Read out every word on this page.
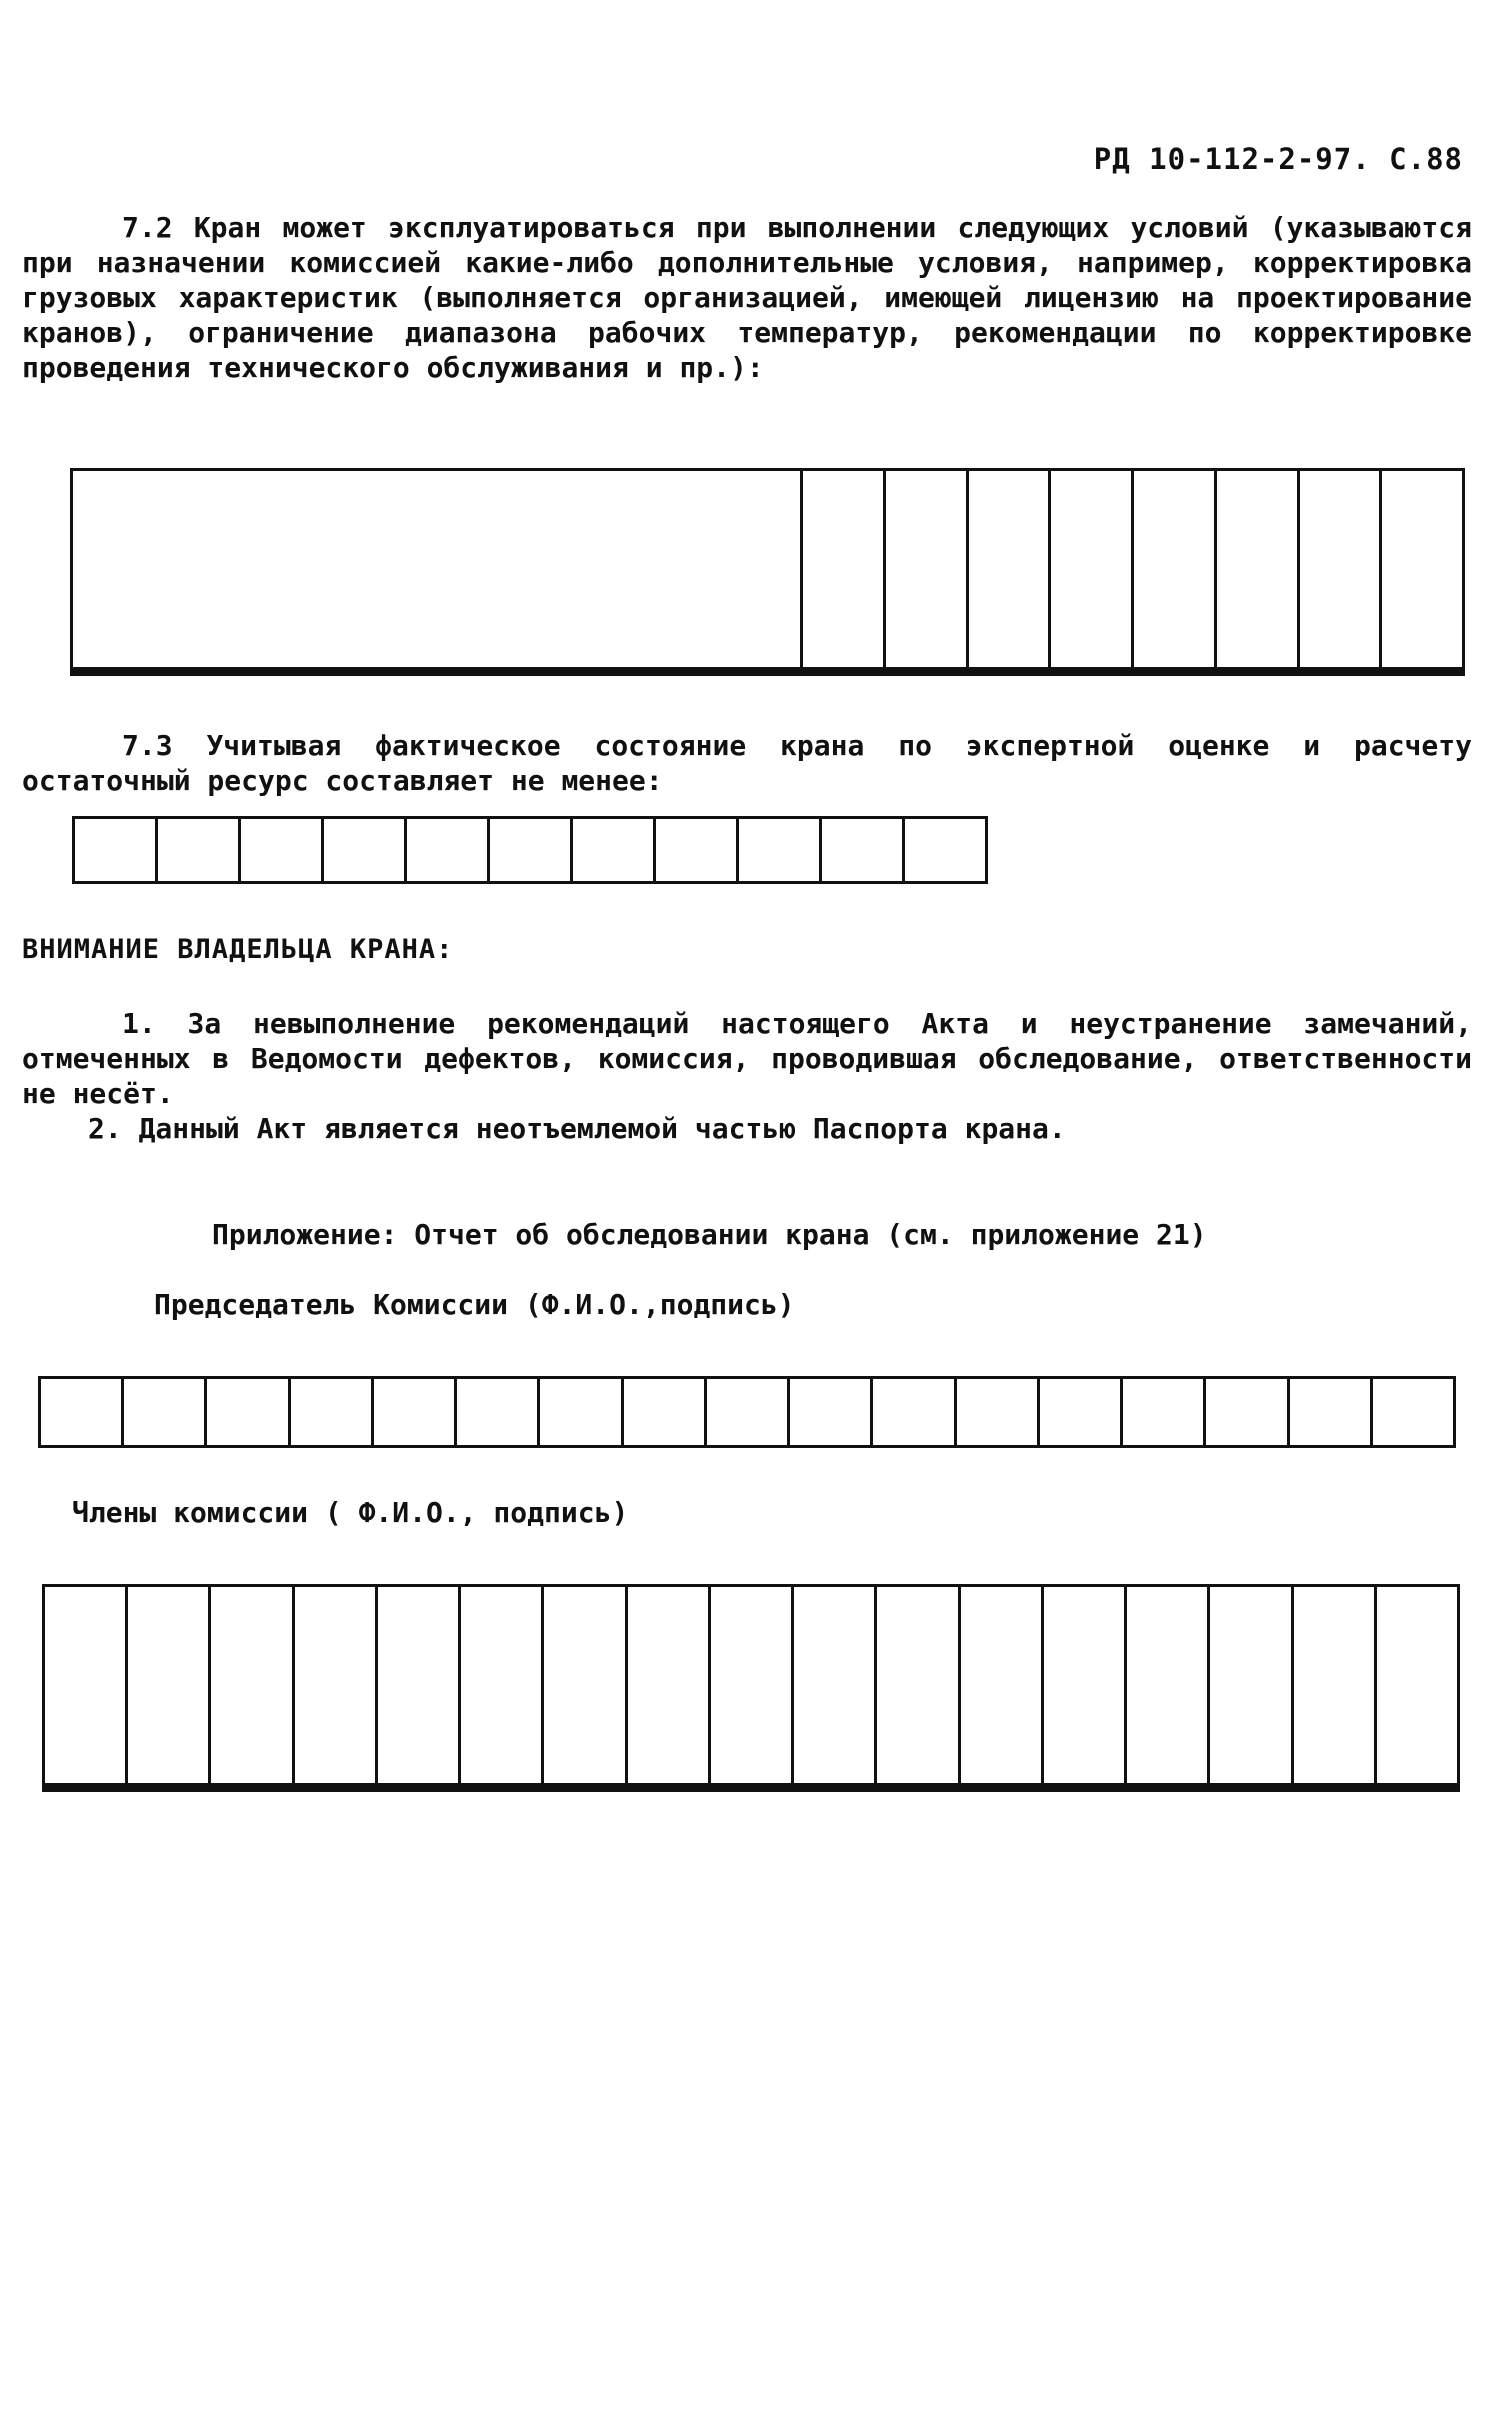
РД 10-112-2-97. С.88

7.2 Кран может эксплуатироваться при выполнении следующих условий (указываются при назначении комиссией какие-либо дополнительные условия, например, корректировка грузовых характеристик (выполняется организацией, имеющей лицензию на проектирование кранов), ограничение диапазона рабочих температур, рекомендации по корректировке проведения технического обслуживания и пр.):

7.3 Учитывая фактическое состояние крана по экспертной оценке и расчету остаточный ресурс составляет не менее:

ВНИМАНИЕ ВЛАДЕЛЬЦА КРАНА:

1. За невыполнение рекомендаций настоящего Акта и неустранение замечаний, отмеченных в Ведомости дефектов, комиссия, проводившая обследование, ответственности не несёт.

2. Данный Акт является неотъемлемой частью Паспорта крана.
Приложение: Отчет об обследовании крана (см. приложение 21)
Председатель Комиссии (Ф.И.О.,подпись)

Члены комиссии ( Ф.И.О., подпись)
